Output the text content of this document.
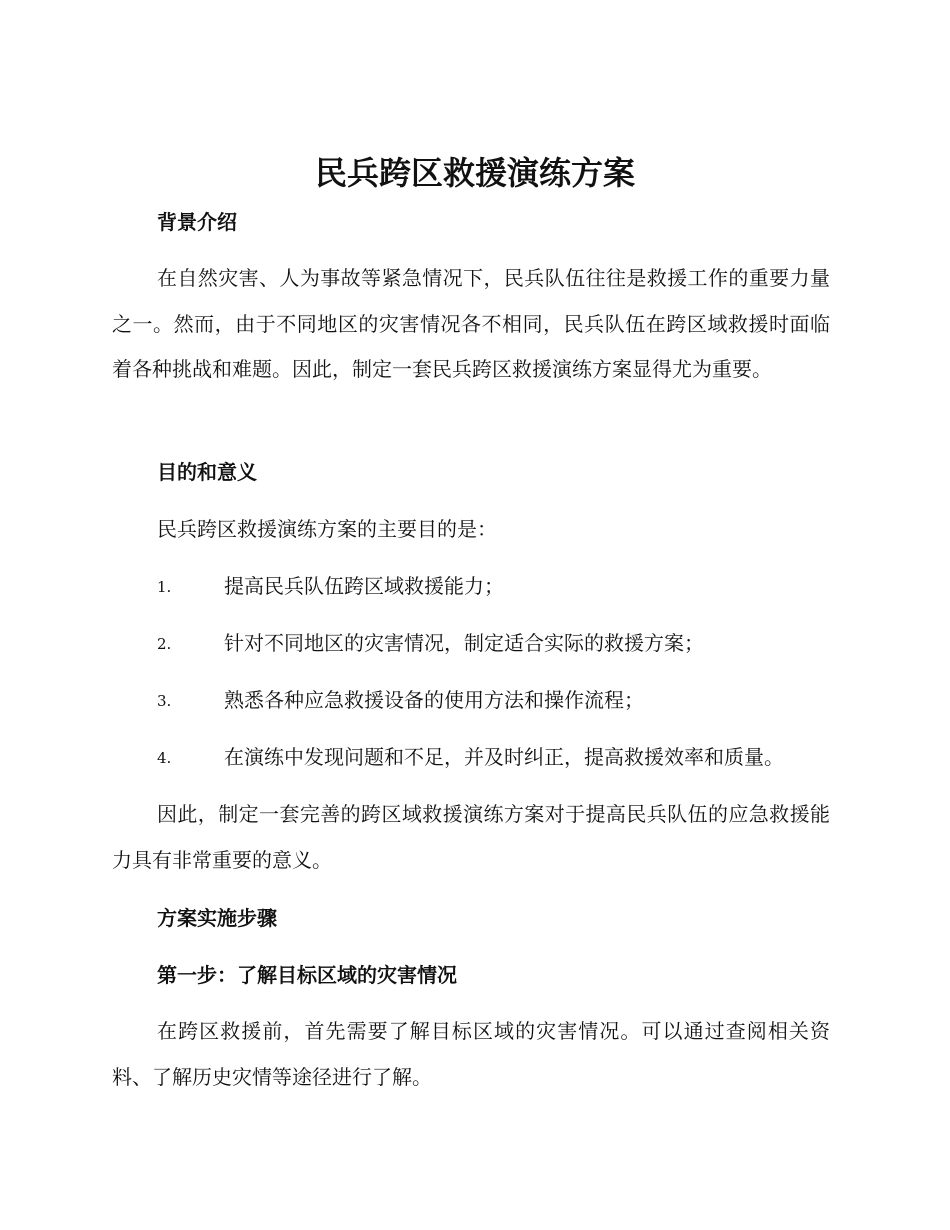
民兵跨区救援演练方案
背景介绍

在自然灾害、人为事故等紧急情况下，民兵队伍往往是救援工作的重要力量之一。然而，由于不同地区的灾害情况各不相同，民兵队伍在跨区域救援时面临着各种挑战和难题。因此，制定一套民兵跨区救援演练方案显得尤为重要。

目的和意义

民兵跨区救援演练方案的主要目的是：

1.	提高民兵队伍跨区域救援能力；
2.	针对不同地区的灾害情况，制定适合实际的救援方案；
3.	熟悉各种应急救援设备的使用方法和操作流程；
4.	在演练中发现问题和不足，并及时纠正，提高救援效率和质量。

因此，制定一套完善的跨区域救援演练方案对于提高民兵队伍的应急救援能力具有非常重要的意义。

方案实施步骤
第一步：了解目标区域的灾害情况

在跨区救援前，首先需要了解目标区域的灾害情况。可以通过查阅相关资料、了解历史灾情等途径进行了解。
